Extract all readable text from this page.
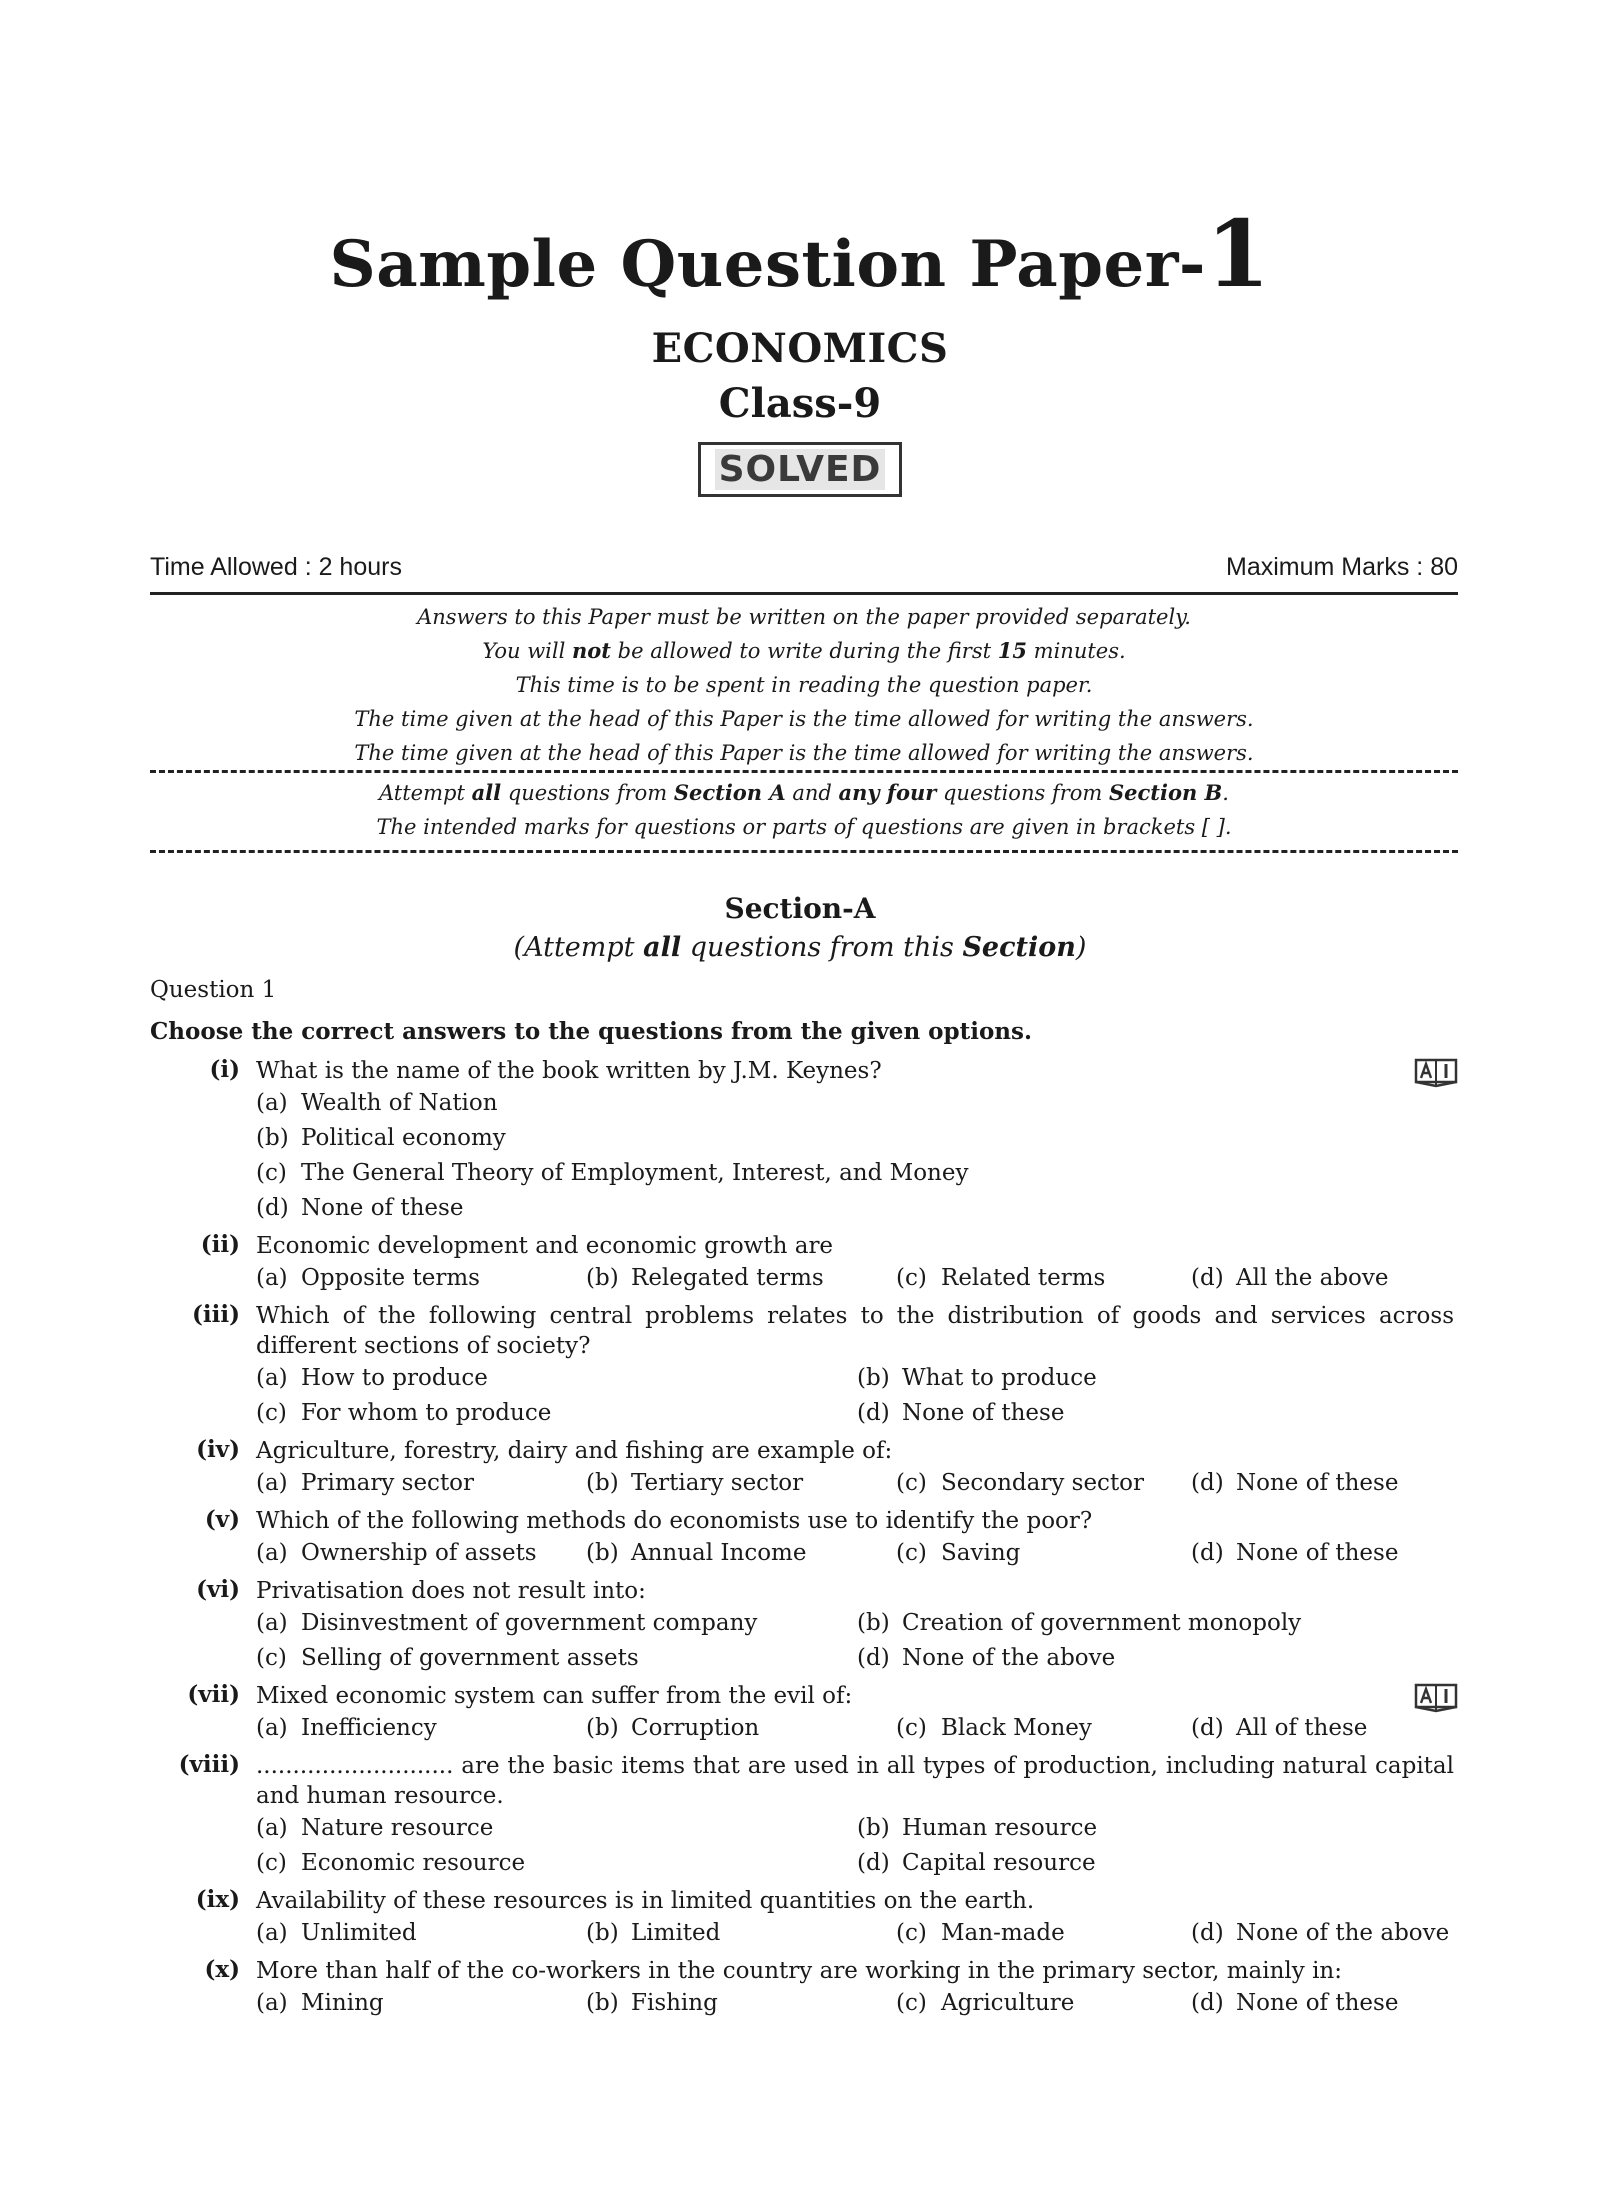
Sample Question Paper-1
ECONOMICS
Class-9
SOLVED
Time Allowed : 2 hours	Maximum Marks : 80
Answers to this Paper must be written on the paper provided separately.
You will not be allowed to write during the first 15 minutes.
This time is to be spent in reading the question paper.
The time given at the head of this Paper is the time allowed for writing the answers.
The time given at the head of this Paper is the time allowed for writing the answers.
Attempt all questions from Section A and any four questions from Section B.
The intended marks for questions or parts of questions are given in brackets [ ].
Section-A
(Attempt all questions from this Section)
Question 1
Choose the correct answers to the questions from the given options.
(i) What is the name of the book written by J.M. Keynes?
(a) Wealth of Nation
(b) Political economy
(c) The General Theory of Employment, Interest, and Money
(d) None of these
(ii) Economic development and economic growth are
(a) Opposite terms	(b) Relegated terms	(c) Related terms	(d) All the above
(iii) Which of the following central problems relates to the distribution of goods and services across different sections of society?
(a) How to produce	(b) What to produce
(c) For whom to produce	(d) None of these
(iv) Agriculture, forestry, dairy and fishing are example of:
(a) Primary sector	(b) Tertiary sector	(c) Secondary sector	(d) None of these
(v) Which of the following methods do economists use to identify the poor?
(a) Ownership of assets	(b) Annual Income	(c) Saving	(d) None of these
(vi) Privatisation does not result into:
(a) Disinvestment of government company	(b) Creation of government monopoly
(c) Selling of government assets	(d) None of the above
(vii) Mixed economic system can suffer from the evil of:
(a) Inefficiency	(b) Corruption	(c) Black Money	(d) All of these
(viii) ........................... are the basic items that are used in all types of production, including natural capital and human resource.
(a) Nature resource	(b) Human resource
(c) Economic resource	(d) Capital resource
(ix) Availability of these resources is in limited quantities on the earth.
(a) Unlimited	(b) Limited	(c) Man-made	(d) None of the above
(x) More than half of the co-workers in the country are working in the primary sector, mainly in:
(a) Mining	(b) Fishing	(c) Agriculture	(d) None of these
